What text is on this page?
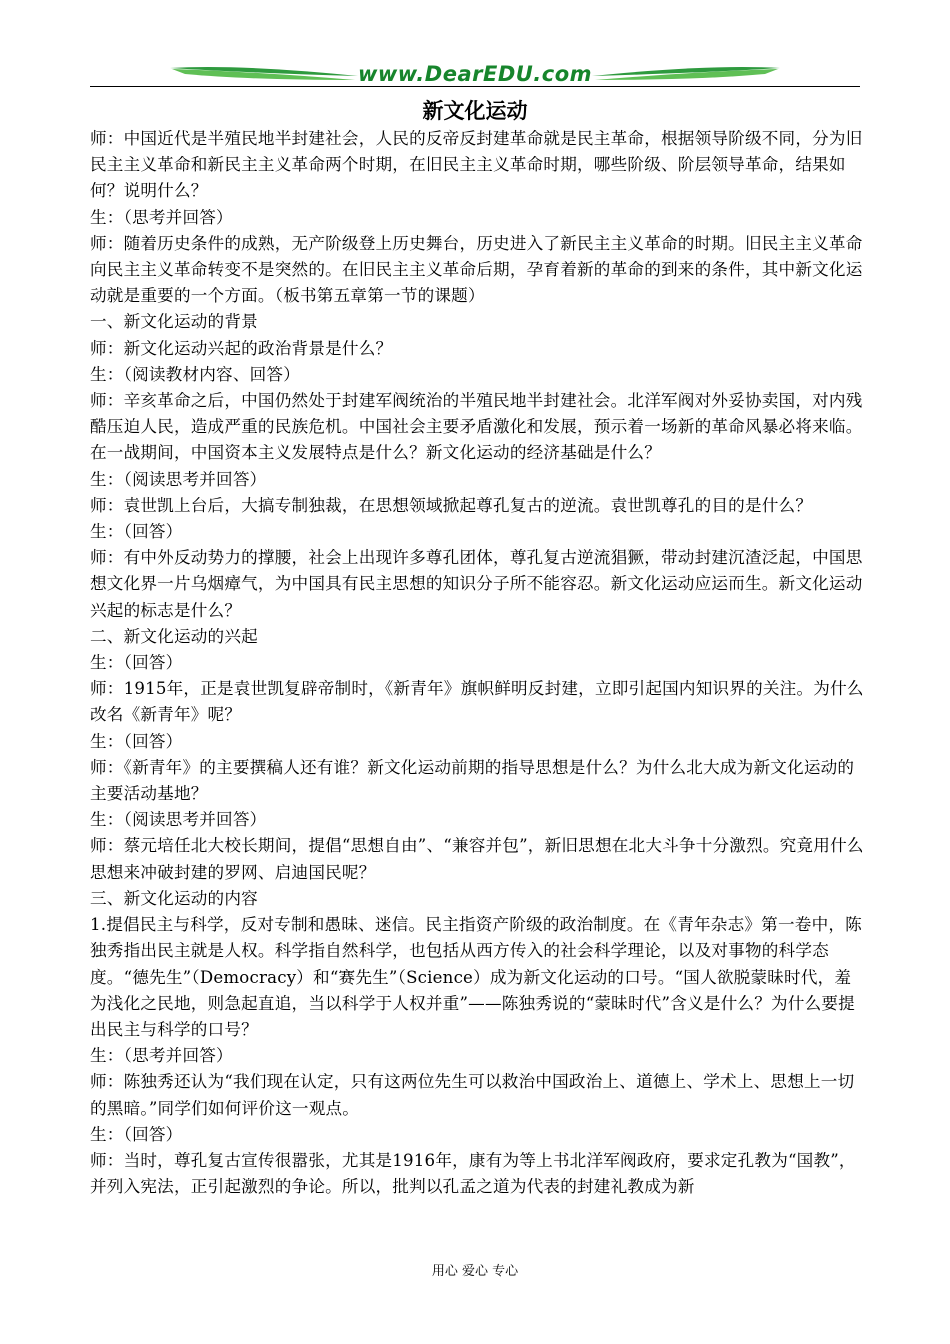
www.DearEDU.com
新文化运动

师：中国近代是半殖民地半封建社会，人民的反帝反封建革命就是民主革命，根据领导阶级不同，分为旧民主主义革命和新民主主义革命两个时期，在旧民主主义革命时期，哪些阶级、阶层领导革命，结果如何？说明什么？

生：（思考并回答）

师：随着历史条件的成熟，无产阶级登上历史舞台，历史进入了新民主主义革命的时期。旧民主主义革命向民主主义革命转变不是突然的。在旧民主主义革命后期，孕育着新的革命的到来的条件，其中新文化运动就是重要的一个方面。（板书第五章第一节的课题）

一、新文化运动的背景

师：新文化运动兴起的政治背景是什么？

生：（阅读教材内容、回答）

师：辛亥革命之后，中国仍然处于封建军阀统治的半殖民地半封建社会。北洋军阀对外妥协卖国，对内残酷压迫人民，造成严重的民族危机。中国社会主要矛盾激化和发展，预示着一场新的革命风暴必将来临。在一战期间，中国资本主义发展特点是什么？新文化运动的经济基础是什么？

生：（阅读思考并回答）

师：袁世凯上台后，大搞专制独裁，在思想领域掀起尊孔复古的逆流。袁世凯尊孔的目的是什么？

生：（回答）

师：有中外反动势力的撑腰，社会上出现许多尊孔团体，尊孔复古逆流猖獗，带动封建沉渣泛起，中国思想文化界一片乌烟瘴气，为中国具有民主思想的知识分子所不能容忍。新文化运动应运而生。新文化运动兴起的标志是什么？

二、新文化运动的兴起

生：（回答）

师：1915年，正是袁世凯复辟帝制时，《新青年》旗帜鲜明反封建，立即引起国内知识界的关注。为什么改名《新青年》呢？

生：（回答）

师：《新青年》的主要撰稿人还有谁？新文化运动前期的指导思想是什么？为什么北大成为新文化运动的主要活动基地？

生：（阅读思考并回答）

师：蔡元培任北大校长期间，提倡“思想自由”、“兼容并包”，新旧思想在北大斗争十分激烈。究竟用什么思想来冲破封建的罗网、启迪国民呢？

三、新文化运动的内容

1.提倡民主与科学，反对专制和愚昧、迷信。民主指资产阶级的政治制度。在《青年杂志》第一卷中，陈独秀指出民主就是人权。科学指自然科学，也包括从西方传入的社会科学理论，以及对事物的科学态度。“德先生”（Democracy）和“赛先生”（Science）成为新文化运动的口号。“国人欲脱蒙昧时代，羞为浅化之民地，则急起直追，当以科学于人权并重”——陈独秀说的“蒙昧时代”含义是什么？为什么要提出民主与科学的口号？

生：（思考并回答）

师：陈独秀还认为“我们现在认定，只有这两位先生可以救治中国政治上、道德上、学术上、思想上一切的黑暗。”同学们如何评价这一观点。

生：（回答）

师：当时，尊孔复古宣传很嚣张，尤其是1916年，康有为等上书北洋军阀政府，要求定孔教为“国教”，并列入宪法，正引起激烈的争论。所以，批判以孔孟之道为代表的封建礼教成为新

用心 爱心 专心
